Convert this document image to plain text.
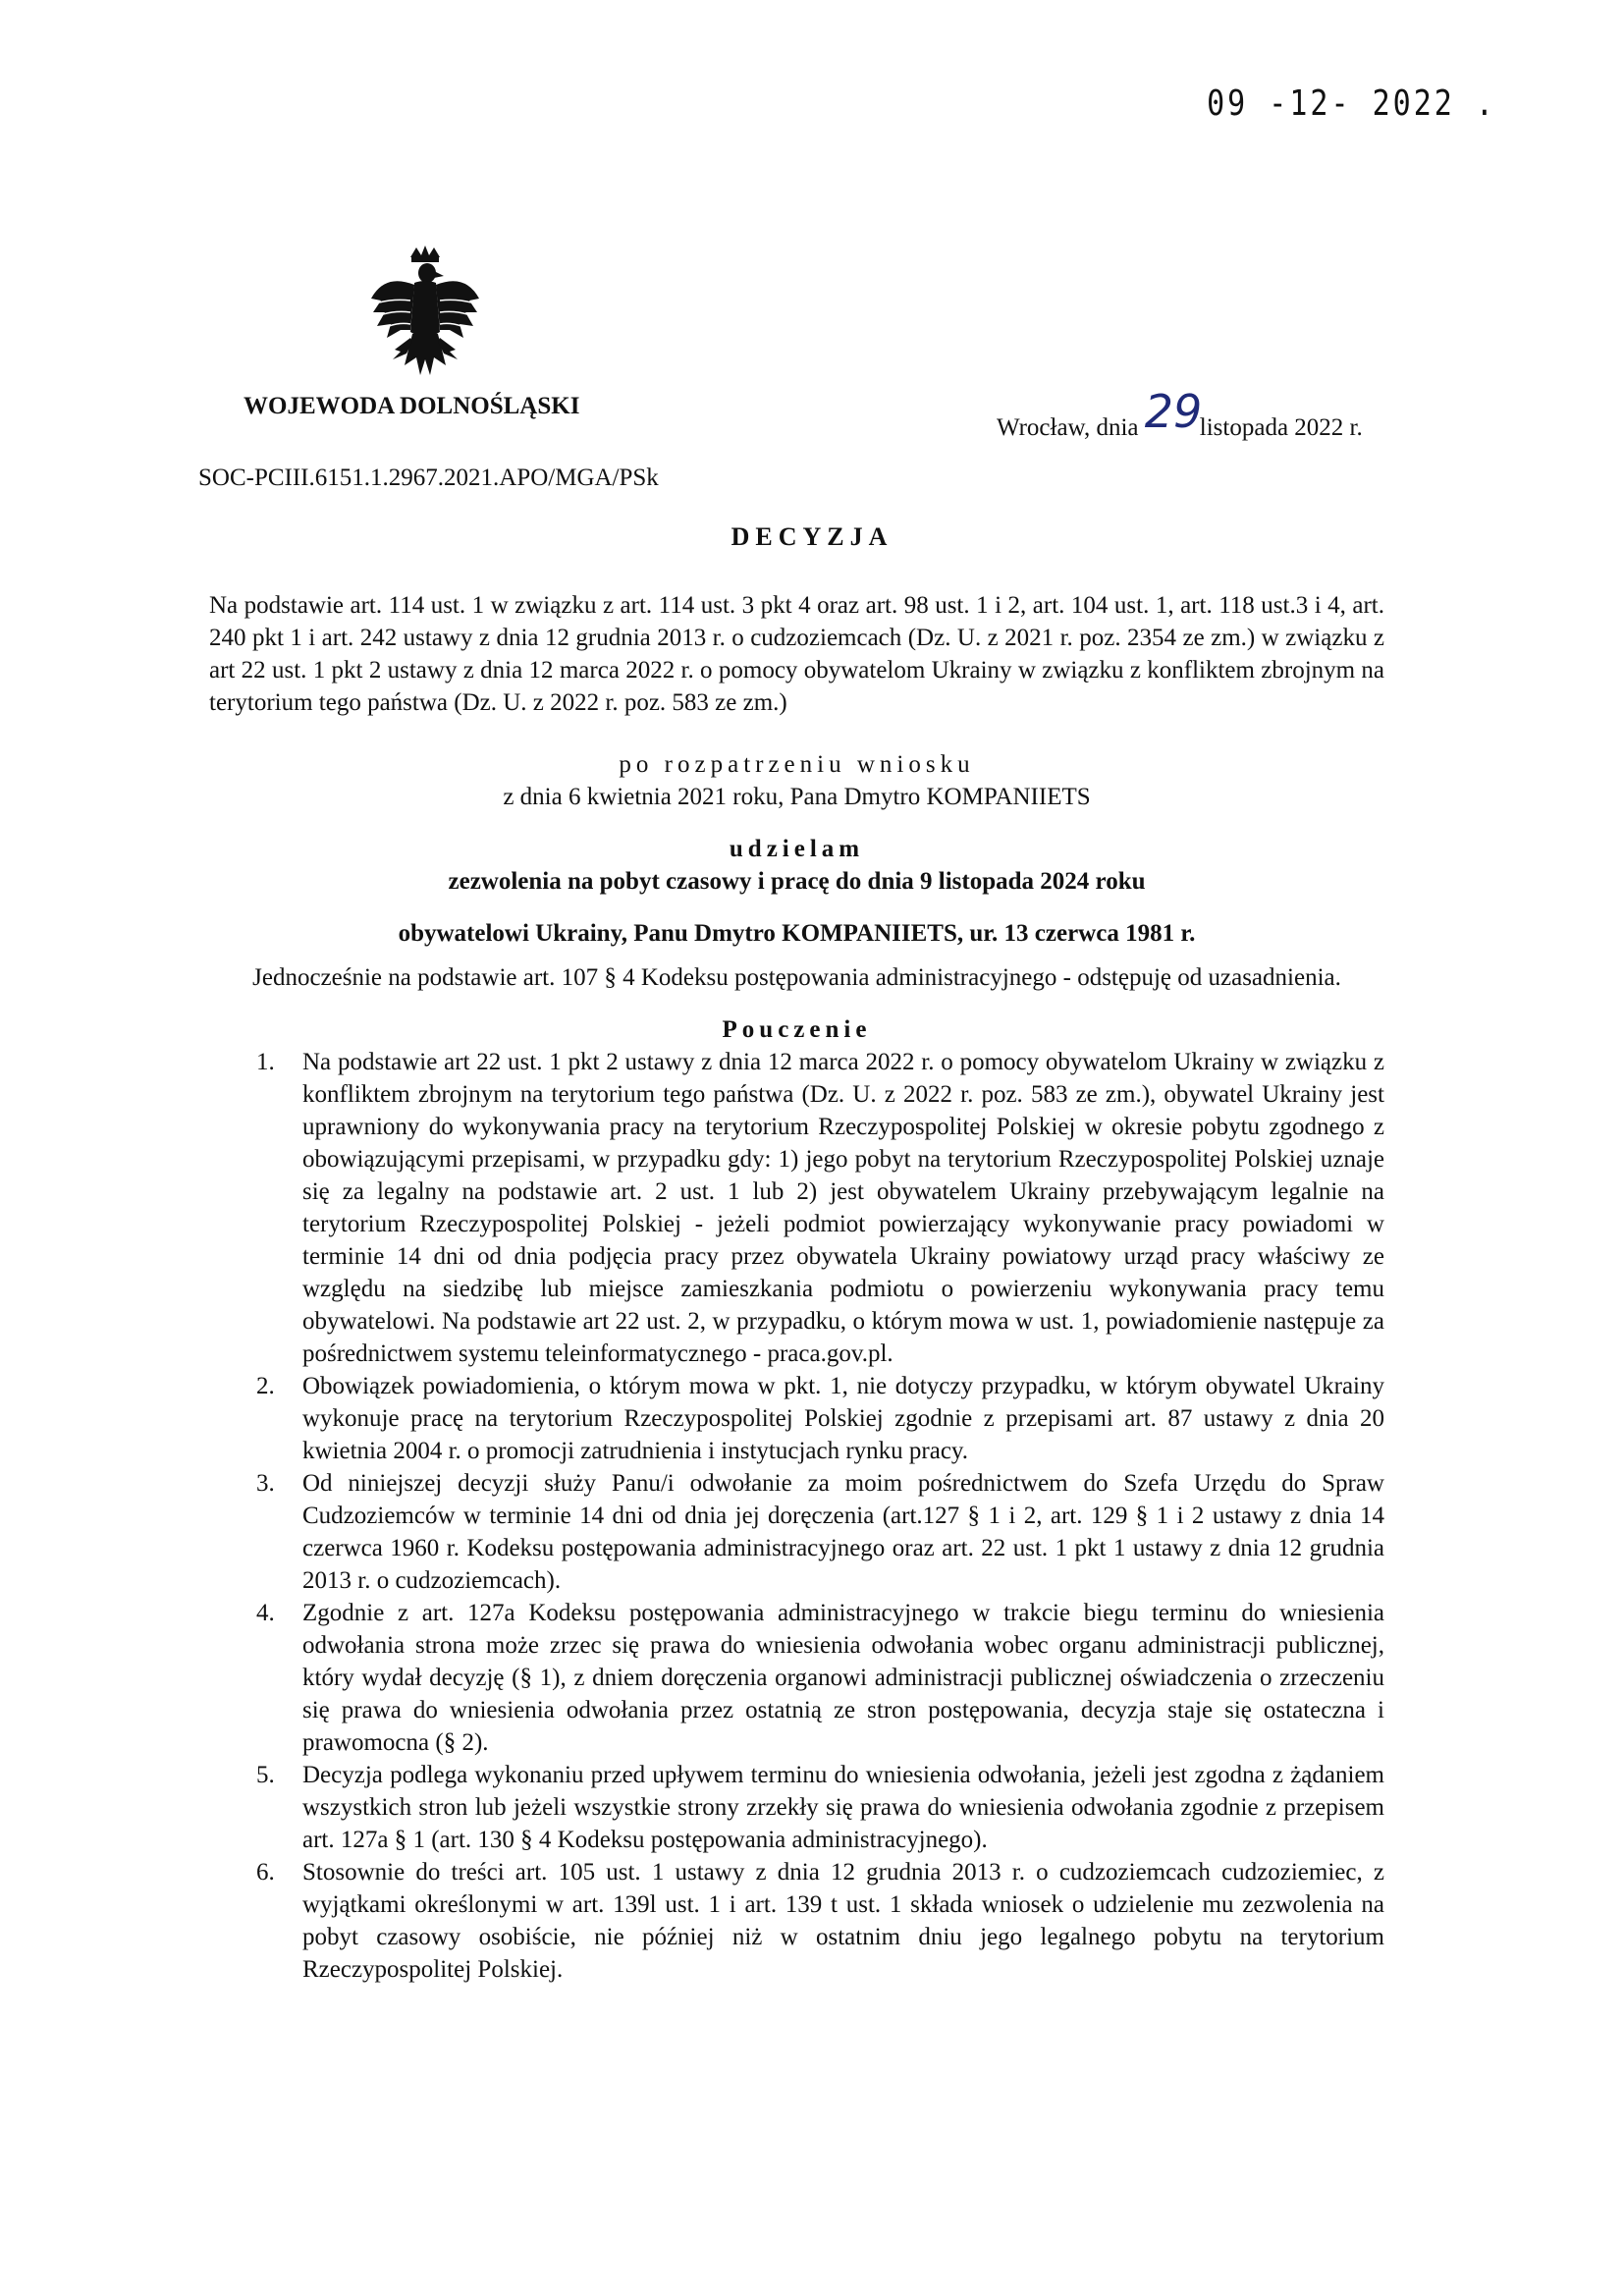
09 -12- 2022 .
WOJEWODA DOLNOŚLĄSKI
Wrocław, dnia 29listopada 2022 r.
SOC-PCIII.6151.1.2967.2021.APO/MGA/PSk
DECYZJA

Na podstawie art. 114 ust. 1 w związku z art. 114 ust. 3 pkt 4 oraz art. 98 ust. 1 i 2, art. 104 ust. 1, art. 118 ust.3 i 4, art. 240 pkt 1 i art. 242 ustawy z dnia 12 grudnia 2013 r. o cudzoziemcach (Dz. U. z 2021 r. poz. 2354 ze zm.) w związku z art 22 ust. 1 pkt 2 ustawy z dnia 12 marca 2022 r. o pomocy obywatelom Ukrainy w związku z konfliktem zbrojnym na terytorium tego państwa (Dz. U. z 2022 r. poz. 583 ze zm.)

po rozpatrzeniu wniosku

z dnia 6 kwietnia 2021 roku, Pana Dmytro KOMPANIIETS

udzielam

zezwolenia na pobyt czasowy i pracę do dnia 9 listopada 2024 roku

obywatelowi Ukrainy, Panu Dmytro KOMPANIIETS, ur. 13 czerwca 1981 r.

Jednocześnie na podstawie art. 107 § 4 Kodeksu postępowania administracyjnego - odstępuję od uzasadnienia.

Pouczenie

1. Na podstawie art 22 ust. 1 pkt 2 ustawy z dnia 12 marca 2022 r. o pomocy obywatelom Ukrainy w związku z konfliktem zbrojnym na terytorium tego państwa (Dz. U. z 2022 r. poz. 583 ze zm.), obywatel Ukrainy jest uprawniony do wykonywania pracy na terytorium Rzeczypospolitej Polskiej w okresie pobytu zgodnego z obowiązującymi przepisami, w przypadku gdy: 1) jego pobyt na terytorium Rzeczypospolitej Polskiej uznaje się za legalny na podstawie art. 2 ust. 1 lub 2) jest obywatelem Ukrainy przebywającym legalnie na terytorium Rzeczypospolitej Polskiej - jeżeli podmiot powierzający wykonywanie pracy powiadomi w terminie 14 dni od dnia podjęcia pracy przez obywatela Ukrainy powiatowy urząd pracy właściwy ze względu na siedzibę lub miejsce zamieszkania podmiotu o powierzeniu wykonywania pracy temu obywatelowi. Na podstawie art 22 ust. 2, w przypadku, o którym mowa w ust. 1, powiadomienie następuje za pośrednictwem systemu teleinformatycznego - praca.gov.pl.
2. Obowiązek powiadomienia, o którym mowa w pkt. 1, nie dotyczy przypadku, w którym obywatel Ukrainy wykonuje pracę na terytorium Rzeczypospolitej Polskiej zgodnie z przepisami art. 87 ustawy z dnia 20 kwietnia 2004 r. o promocji zatrudnienia i instytucjach rynku pracy.
3. Od niniejszej decyzji służy Panu/i odwołanie za moim pośrednictwem do Szefa Urzędu do Spraw Cudzoziemców w terminie 14 dni od dnia jej doręczenia (art.127 § 1 i 2, art. 129 § 1 i 2 ustawy z dnia 14 czerwca 1960 r. Kodeksu postępowania administracyjnego oraz art. 22 ust. 1 pkt 1 ustawy z dnia 12 grudnia 2013 r. o cudzoziemcach).
4. Zgodnie z art. 127a Kodeksu postępowania administracyjnego w trakcie biegu terminu do wniesienia odwołania strona może zrzec się prawa do wniesienia odwołania wobec organu administracji publicznej, który wydał decyzję (§ 1), z dniem doręczenia organowi administracji publicznej oświadczenia o zrzeczeniu się prawa do wniesienia odwołania przez ostatnią ze stron postępowania, decyzja staje się ostateczna i prawomocna (§ 2).
5. Decyzja podlega wykonaniu przed upływem terminu do wniesienia odwołania, jeżeli jest zgodna z żądaniem wszystkich stron lub jeżeli wszystkie strony zrzekły się prawa do wniesienia odwołania zgodnie z przepisem art. 127a § 1 (art. 130 § 4 Kodeksu postępowania administracyjnego).
6. Stosownie do treści art. 105 ust. 1 ustawy z dnia 12 grudnia 2013 r. o cudzoziemcach cudzoziemiec, z wyjątkami określonymi w art. 139l ust. 1 i art. 139 t ust. 1 składa wniosek o udzielenie mu zezwolenia na pobyt czasowy osobiście, nie później niż w ostatnim dniu jego legalnego pobytu na terytorium Rzeczypospolitej Polskiej.
